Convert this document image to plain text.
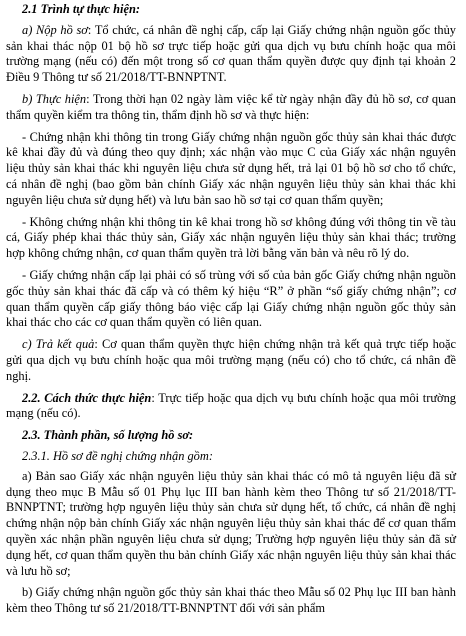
2.1 Trình tự thực hiện:

a) Nộp hồ sơ: Tổ chức, cá nhân đề nghị cấp, cấp lại Giấy chứng nhận nguồn gốc thủy sản khai thác nộp 01 bộ hồ sơ trực tiếp hoặc gửi qua dịch vụ bưu chính hoặc qua môi trường mạng (nếu có) đến một trong số cơ quan thẩm quyền được quy định tại khoản 2 Điều 9 Thông tư số 21/2018/TT-BNNPTNT.

b) Thực hiện: Trong thời hạn 02 ngày làm việc kể từ ngày nhận đầy đủ hồ sơ, cơ quan thẩm quyền kiểm tra thông tin, thẩm định hồ sơ và thực hiện:

- Chứng nhận khi thông tin trong Giấy chứng nhận nguồn gốc thủy sản khai thác được kê khai đầy đủ và đúng theo quy định; xác nhận vào mục C của Giấy xác nhận nguyên liệu thủy sản khai thác khi nguyên liệu chưa sử dụng hết, trả lại 01 bộ hồ sơ cho tổ chức, cá nhân đề nghị (bao gồm bản chính Giấy xác nhận nguyên liệu thủy sản khai thác khi nguyên liệu chưa sử dụng hết) và lưu bản sao hồ sơ tại cơ quan thẩm quyền;

- Không chứng nhận khi thông tin kê khai trong hồ sơ không đúng với thông tin về tàu cá, Giấy phép khai thác thủy sản, Giấy xác nhận nguyên liệu thủy sản khai thác; trường hợp không chứng nhận, cơ quan thẩm quyền trả lời bằng văn bản và nêu rõ lý do.

- Giấy chứng nhận cấp lại phải có số trùng với số của bản gốc Giấy chứng nhận nguồn gốc thủy sản khai thác đã cấp và có thêm ký hiệu “R” ở phần “số giấy chứng nhận”; cơ quan thẩm quyền cấp giấy thông báo việc cấp lại Giấy chứng nhận nguồn gốc thủy sản khai thác cho các cơ quan thẩm quyền có liên quan.

c) Trả kết quả: Cơ quan thẩm quyền thực hiện chứng nhận trả kết quả trực tiếp hoặc gửi qua dịch vụ bưu chính hoặc qua môi trường mạng (nếu có) cho tổ chức, cá nhân đề nghị.

2.2. Cách thức thực hiện: Trực tiếp hoặc qua dịch vụ bưu chính hoặc qua môi trường mạng (nếu có).

2.3. Thành phần, số lượng hồ sơ:
2.3.1. Hồ sơ đề nghị chứng nhận gồm:

a) Bản sao Giấy xác nhận nguyên liệu thủy sản khai thác có mô tả nguyên liệu đã sử dụng theo mục B Mẫu số 01 Phụ lục III ban hành kèm theo Thông tư số 21/2018/TT-BNNPTNT; trường hợp nguyên liệu thủy sản chưa sử dụng hết, tổ chức, cá nhân đề nghị chứng nhận nộp bản chính Giấy xác nhận nguyên liệu thủy sản khai thác để cơ quan thẩm quyền xác nhận phần nguyên liệu chưa sử dụng; Trường hợp nguyên liệu thủy sản đã sử dụng hết, cơ quan thẩm quyền thu bản chính Giấy xác nhận nguyên liệu thủy sản khai thác và lưu hồ sơ;

b) Giấy chứng nhận nguồn gốc thủy sản khai thác theo Mẫu số 02 Phụ lục III ban hành kèm theo Thông tư số 21/2018/TT-BNNPTNT đối với sản phẩm
